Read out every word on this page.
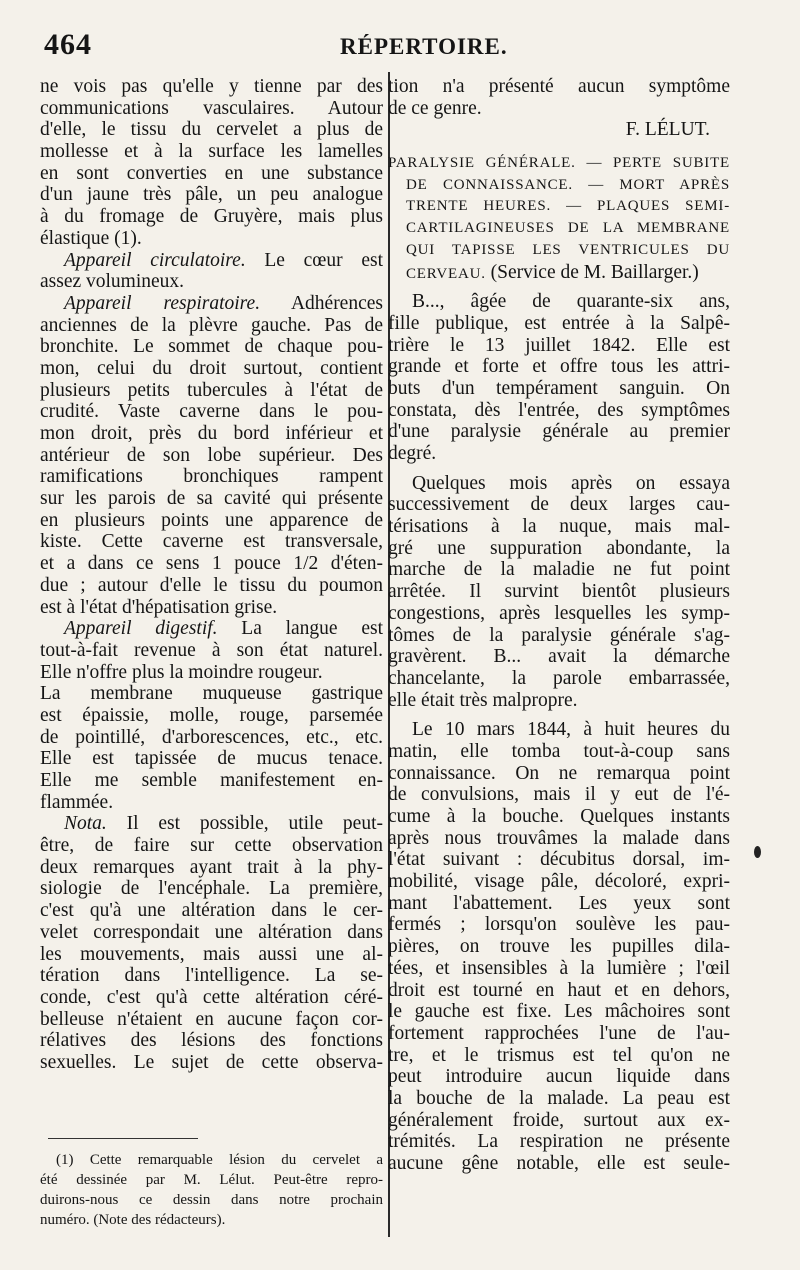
464	RÉPERTOIRE.
ne vois pas qu'elle y tienne par des
communications vasculaires. Autour
d'elle, le tissu du cervelet a plus de
mollesse et à la surface les lamelles
en sont converties en une substance
d'un jaune très pâle, un peu analogue
à du fromage de Gruyère, mais plus
élastique (1).
Appareil circulatoire. Le cœur est
assez volumineux.
Appareil respiratoire. Adhérences
anciennes de la plèvre gauche. Pas de
bronchite. Le sommet de chaque pou-
mon, celui du droit surtout, contient
plusieurs petits tubercules à l'état de
crudité. Vaste caverne dans le pou-
mon droit, près du bord inférieur et
antérieur de son lobe supérieur. Des
ramifications bronchiques rampent
sur les parois de sa cavité qui présente
en plusieurs points une apparence de
kiste. Cette caverne est transversale,
et a dans ce sens 1 pouce 1/2 d'éten-
due ; autour d'elle le tissu du poumon
est à l'état d'hépatisation grise.
Appareil digestif. La langue est
tout-à-fait revenue à son état naturel.
Elle n'offre plus la moindre rougeur.
La membrane muqueuse gastrique
est épaissie, molle, rouge, parsemée
de pointillé, d'arborescences, etc., etc.
Elle est tapissée de mucus tenace.
Elle me semble manifestement en-
flammée.
Nota. Il est possible, utile peut-
être, de faire sur cette observation
deux remarques ayant trait à la phy-
siologie de l'encéphale. La première,
c'est qu'à une altération dans le cer-
velet correspondait une altération dans
les mouvements, mais aussi une al-
tération dans l'intelligence. La se-
conde, c'est qu'à cette altération céré-
belleuse n'étaient en aucune façon cor-
rélatives des lésions des fonctions
sexuelles. Le sujet de cette observa-
tion n'a présenté aucun symptôme
de ce genre.
F. LÉLUT.
PARALYSIE GÉNÉRALE. — PERTE SUBITE
DE CONNAISSANCE. — MORT APRÈS
TRENTE HEURES. — PLAQUES SEMI-
CARTILAGINEUSES DE LA MEMBRANE
QUI TAPISSE LES VENTRICULES DU
CERVEAU. (Service de M. Baillarger.)
B..., âgée de quarante-six ans,
fille publique, est entrée à la Salpê-
trière le 13 juillet 1842. Elle est
grande et forte et offre tous les attri-
buts d'un tempérament sanguin. On
constata, dès l'entrée, des symptômes
d'une paralysie générale au premier
degré.
Quelques mois après on essaya
successivement de deux larges cau-
térisations à la nuque, mais mal-
gré une suppuration abondante, la
marche de la maladie ne fut point
arrêtée. Il survint bientôt plusieurs
congestions, après lesquelles les symp-
tômes de la paralysie générale s'ag-
gravèrent. B... avait la démarche
chancelante, la parole embarrassée,
elle était très malpropre.
Le 10 mars 1844, à huit heures du
matin, elle tomba tout-à-coup sans
connaissance. On ne remarqua point
de convulsions, mais il y eut de l'é-
cume à la bouche. Quelques instants
après nous trouvâmes la malade dans
l'état suivant : décubitus dorsal, im-
mobilité, visage pâle, décoloré, expri-
mant l'abattement. Les yeux sont
fermés ; lorsqu'on soulève les pau-
pières, on trouve les pupilles dila-
tées, et insensibles à la lumière ; l'œil
droit est tourné en haut et en dehors,
le gauche est fixe. Les mâchoires sont
fortement rapprochées l'une de l'au-
tre, et le trismus est tel qu'on ne
peut introduire aucun liquide dans
la bouche de la malade. La peau est
généralement froide, surtout aux ex-
trémités. La respiration ne présente
aucune gêne notable, elle est seule-
(1) Cette remarquable lésion du cervelet a
été dessinée par M. Lélut. Peut-être repro-
duirons-nous ce dessin dans notre prochain
numéro. (Note des rédacteurs).
